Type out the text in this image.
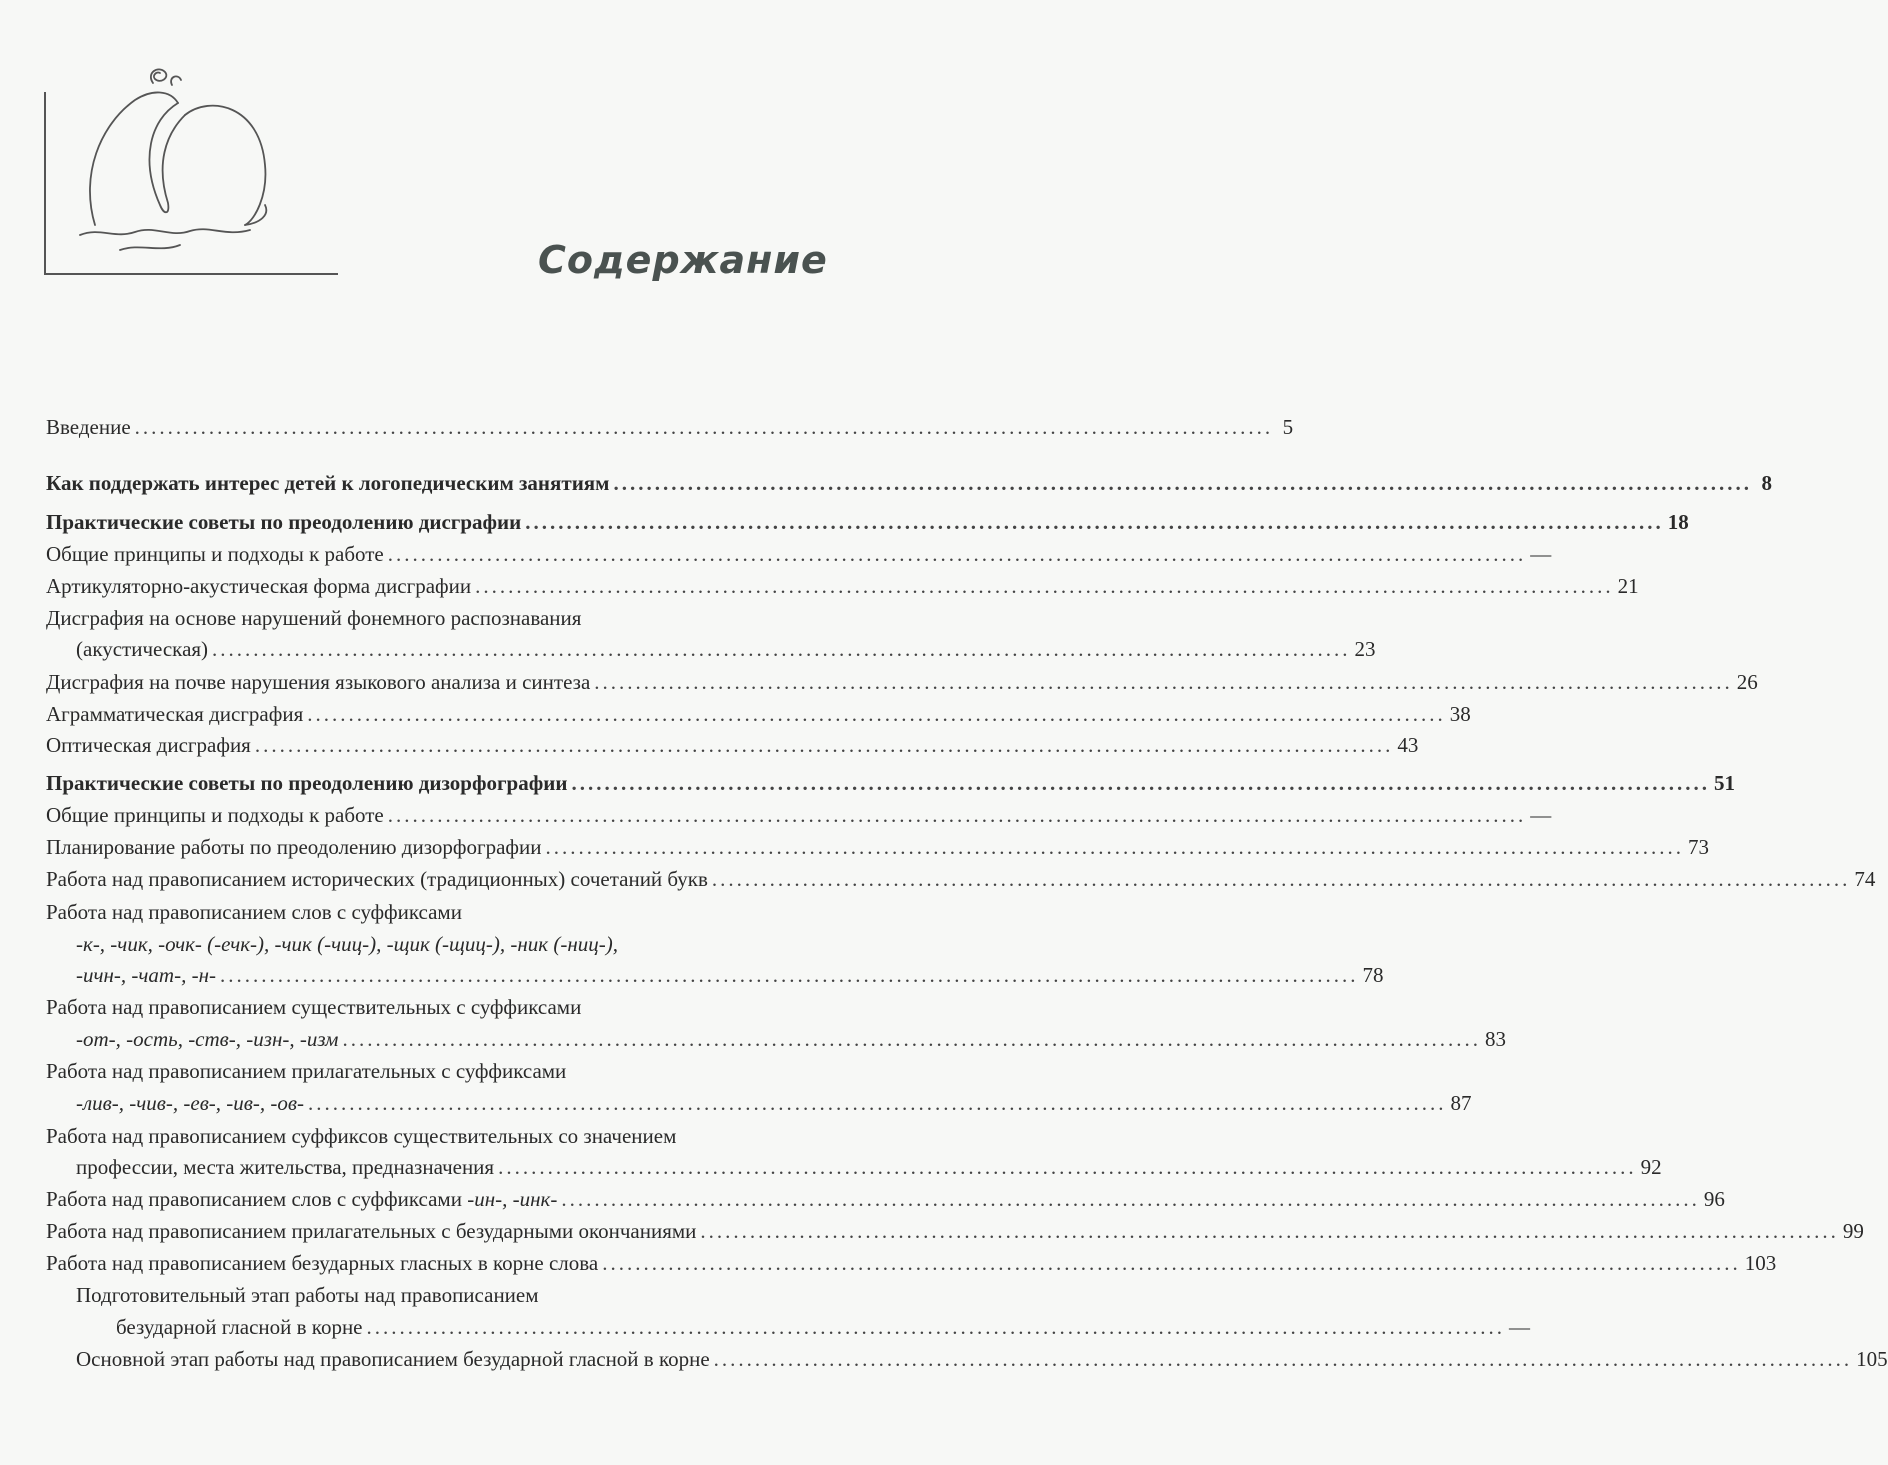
Содержание
Введение .......................................................................................................................................... 5
Как поддержать интерес детей к логопедическим занятиям .......................................................................................................................................... 8
Практические советы по преодолению дисграфии .......................................................................................................................................... 18
Общие принципы и подходы к работе .......................................................................................................................................... —
Артикуляторно-акустическая форма дисграфии .......................................................................................................................................... 21
Дисграфия на основе нарушений фонемного распознавания
(акустическая) .......................................................................................................................................... 23
Дисграфия на почве нарушения языкового анализа и синтеза .......................................................................................................................................... 26
Аграмматическая дисграфия .......................................................................................................................................... 38
Оптическая дисграфия .......................................................................................................................................... 43
Практические советы по преодолению дизорфографии .......................................................................................................................................... 51
Общие принципы и подходы к работе .......................................................................................................................................... —
Планирование работы по преодолению дизорфографии .......................................................................................................................................... 73
Работа над правописанием исторических (традиционных) сочетаний букв .......................................................................................................................................... 74
Работа над правописанием слов с суффиксами
-к-, -чик, -очк- (-ечк-), -чик (-чиц-), -щик (-щиц-), -ник (-ниц-),
-ичн-, -чат-, -н- .......................................................................................................................................... 78
Работа над правописанием существительных с суффиксами
-от-, -ость, -ств-, -изн-, -изм .......................................................................................................................................... 83
Работа над правописанием прилагательных с суффиксами
-лив-, -чив-, -ев-, -ив-, -ов- .......................................................................................................................................... 87
Работа над правописанием суффиксов существительных со значением
профессии, места жительства, предназначения .......................................................................................................................................... 92
Работа над правописанием слов с суффиксами -ин-, -инк- .......................................................................................................................................... 96
Работа над правописанием прилагательных с безударными окончаниями .......................................................................................................................................... 99
Работа над правописанием безударных гласных в корне слова .......................................................................................................................................... 103
Подготовительный этап работы над правописанием
безударной гласной в корне .......................................................................................................................................... —
Основной этап работы над правописанием безударной гласной в корне .......................................................................................................................................... 105
